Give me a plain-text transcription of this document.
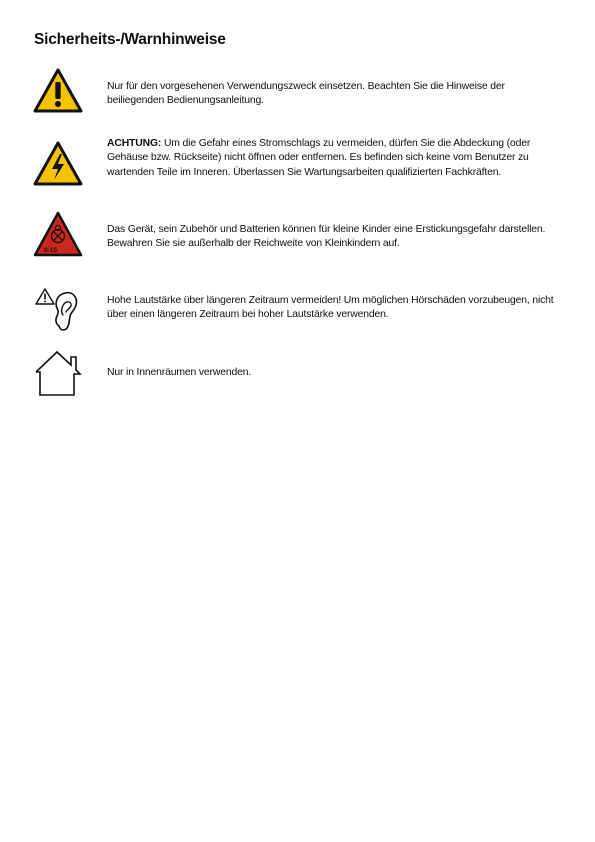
Sicherheits-/Warnhinweise
Nur für den vorgesehenen Verwendungszweck einsetzen. Beachten Sie die Hinweise der beiliegenden Bedienungsanleitung.
ACHTUNG: Um die Gefahr eines Stromschlags zu vermeiden, dürfen Sie die Abdeckung (oder Gehäuse bzw. Rückseite) nicht öffnen oder entfernen. Es befinden sich keine vom Benutzer zu wartenden Teile im Inneren. Überlassen Sie Wartungsarbeiten qualifizierten Fachkräften.
0-15
Das Gerät, sein Zubehör und Batterien können für kleine Kinder eine Erstickungsgefahr darstellen. Bewahren Sie sie außerhalb der Reichweite von Kleinkindern auf.
Hohe Lautstärke über längeren Zeitraum vermeiden! Um möglichen Hörschäden vorzubeugen, nicht über einen längeren Zeitraum bei hoher Lautstärke verwenden.
Nur in Innenräumen verwenden.
